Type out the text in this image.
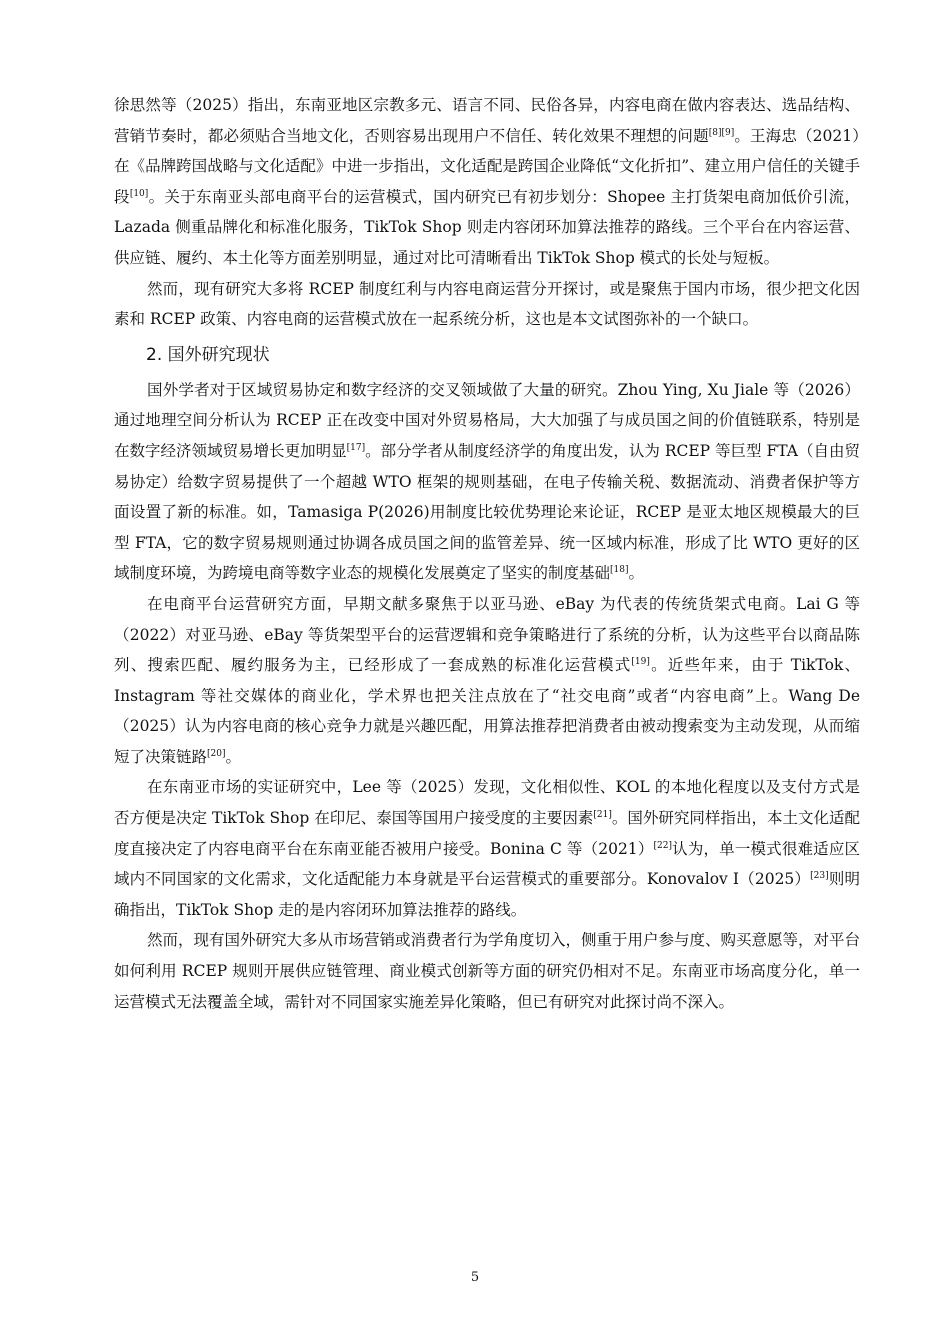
徐思然等（2025）指出，东南亚地区宗教多元、语言不同、民俗各异，内容电商在做内容表达、选品结构、营销节奏时，都必须贴合当地文化，否则容易出现用户不信任、转化效果不理想的问题[8][9]。王海忠（2021）在《品牌跨国战略与文化适配》中进一步指出，文化适配是跨国企业降低“文化折扣”、建立用户信任的关键手段[10]。关于东南亚头部电商平台的运营模式，国内研究已有初步划分：Shopee 主打货架电商加低价引流，Lazada 侧重品牌化和标准化服务，TikTok Shop 则走内容闭环加算法推荐的路线。三个平台在内容运营、供应链、履约、本土化等方面差别明显，通过对比可清晰看出 TikTok Shop 模式的长处与短板。

然而，现有研究大多将 RCEP 制度红利与内容电商运营分开探讨，或是聚焦于国内市场，很少把文化因素和 RCEP 政策、内容电商的运营模式放在一起系统分析，这也是本文试图弥补的一个缺口。

2. 国外研究现状

国外学者对于区域贸易协定和数字经济的交叉领域做了大量的研究。Zhou Ying, Xu Jiale 等（2026）通过地理空间分析认为 RCEP 正在改变中国对外贸易格局，大大加强了与成员国之间的价值链联系，特别是在数字经济领域贸易增长更加明显[17]。部分学者从制度经济学的角度出发，认为 RCEP 等巨型 FTA（自由贸易协定）给数字贸易提供了一个超越 WTO 框架的规则基础，在电子传输关税、数据流动、消费者保护等方面设置了新的标准。如，Tamasiga P(2026)用制度比较优势理论来论证，RCEP 是亚太地区规模最大的巨型 FTA，它的数字贸易规则通过协调各成员国之间的监管差异、统一区域内标准，形成了比 WTO 更好的区域制度环境，为跨境电商等数字业态的规模化发展奠定了坚实的制度基础[18]。

在电商平台运营研究方面，早期文献多聚焦于以亚马逊、eBay 为代表的传统货架式电商。Lai G 等（2022）对亚马逊、eBay 等货架型平台的运营逻辑和竞争策略进行了系统的分析，认为这些平台以商品陈列、搜索匹配、履约服务为主，已经形成了一套成熟的标准化运营模式[19]。近些年来，由于 TikTok、Instagram 等社交媒体的商业化，学术界也把关注点放在了“社交电商”或者“内容电商”上。Wang De（2025）认为内容电商的核心竞争力就是兴趣匹配，用算法推荐把消费者由被动搜索变为主动发现，从而缩短了决策链路[20]。

在东南亚市场的实证研究中，Lee 等（2025）发现，文化相似性、KOL 的本地化程度以及支付方式是否方便是决定 TikTok Shop 在印尼、泰国等国用户接受度的主要因素[21]。国外研究同样指出，本土文化适配度直接决定了内容电商平台在东南亚能否被用户接受。Bonina C 等（2021）[22]认为，单一模式很难适应区域内不同国家的文化需求，文化适配能力本身就是平台运营模式的重要部分。Konovalov I（2025）[23]则明确指出，TikTok Shop 走的是内容闭环加算法推荐的路线。

然而，现有国外研究大多从市场营销或消费者行为学角度切入，侧重于用户参与度、购买意愿等，对平台如何利用 RCEP 规则开展供应链管理、商业模式创新等方面的研究仍相对不足。东南亚市场高度分化，单一运营模式无法覆盖全域，需针对不同国家实施差异化策略，但已有研究对此探讨尚不深入。

5
